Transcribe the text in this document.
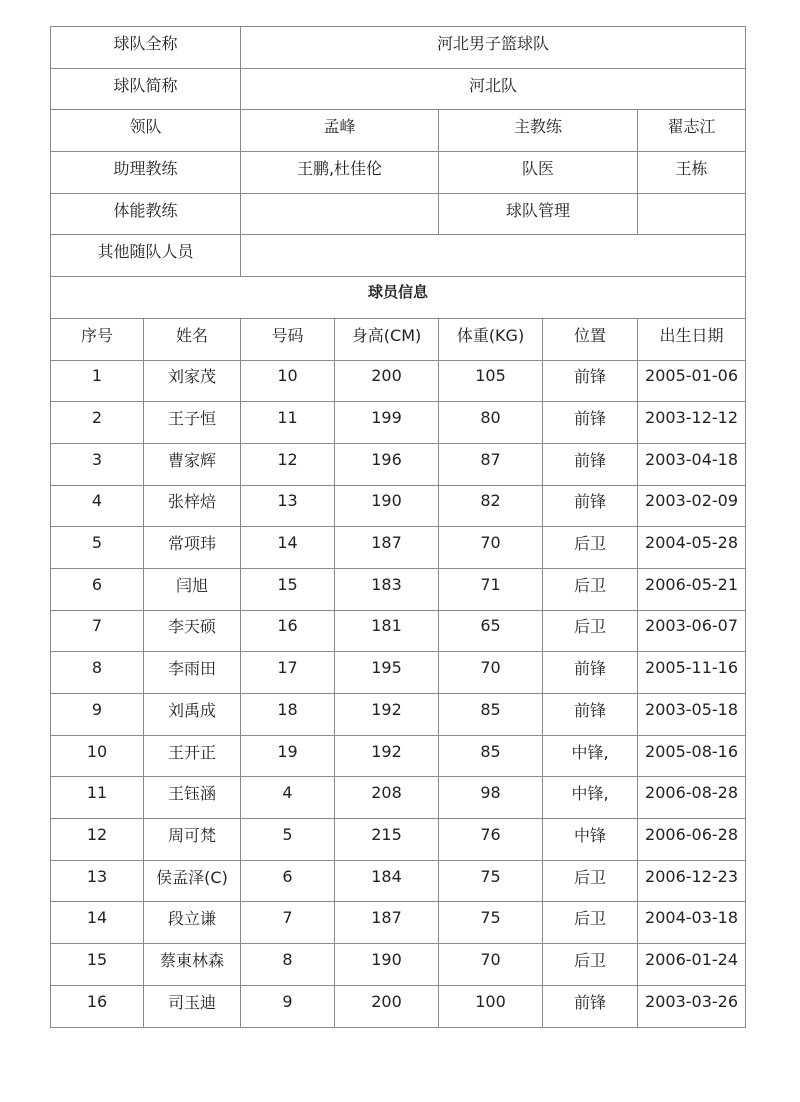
球队全称		河北男子篮球队				
球队简称		河北队				
领队		孟峰		主教练		翟志江
助理教练		王鹏,杜佳伦		队医		王栋
体能教练				球队管理		
其他随队人员						
球员信息						
序号	姓名	号码	身高(CM)	体重(KG)	位置	出生日期
1	刘家茂	10	200	105	前锋	2005-01-06
2	王子恒	11	199	80	前锋	2003-12-12
3	曹家辉	12	196	87	前锋	2003-04-18
4	张梓焙	13	190	82	前锋	2003-02-09
5	常项玮	14	187	70	后卫	2004-05-28
6	闫旭	15	183	71	后卫	2006-05-21
7	李天硕	16	181	65	后卫	2003-06-07
8	李雨田	17	195	70	前锋	2005-11-16
9	刘禹成	18	192	85	前锋	2003-05-18
10	王开正	19	192	85	中锋,	2005-08-16
11	王钰涵	4	208	98	中锋,	2006-08-28
12	周可梵	5	215	76	中锋	2006-06-28
13	侯孟泽(C)	6	184	75	后卫	2006-12-23
14	段立谦	7	187	75	后卫	2004-03-18
15	蔡東林森	8	190	70	后卫	2006-01-24
16	司玉迪	9	200	100	前锋	2003-03-26
